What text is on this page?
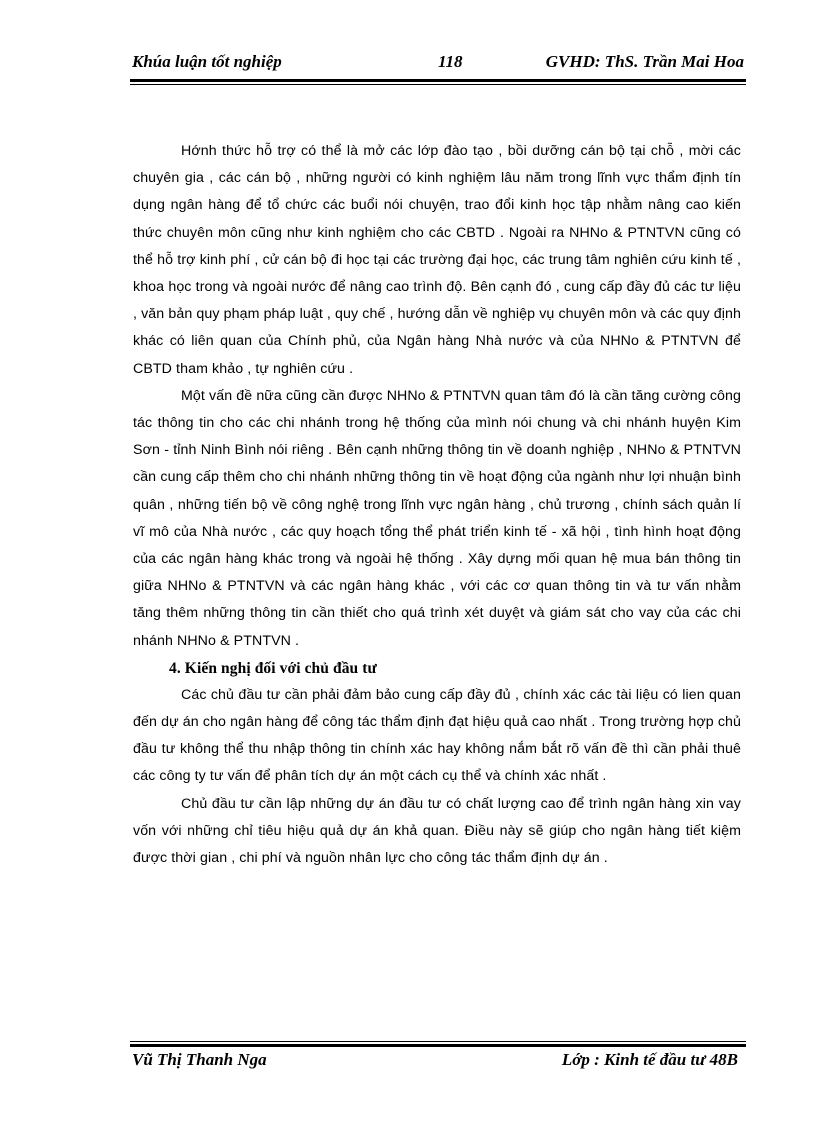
Khúa luận tốt nghiệp	118	GVHD: ThS. Trần Mai Hoa

Hớnh thức hỗ trợ có thể là mở các lớp đào tạo , bồi dưỡng cán bộ tại chỗ , mời các chuyên gia , các cán bộ , những người có kinh nghiệm lâu năm trong lĩnh vực thẩm định tín dụng ngân hàng để tổ chức các buổi nói chuyện, trao đổi kinh học tập nhằm nâng cao kiến thức chuyên môn cũng như kinh nghiệm cho các CBTD . Ngoài ra NHNo & PTNTVN cũng có thể hỗ trợ kinh phí , cử cán bộ đi học tại các trường đại học, các trung tâm nghiên cứu kinh tế , khoa học trong và ngoài nước để nâng cao trình độ. Bên cạnh đó , cung cấp đầy đủ các tư liệu , văn bản quy phạm pháp luật , quy chế , hướng dẫn về nghiệp vụ chuyên môn và các quy định khác có liên quan của Chính phủ, của Ngân hàng Nhà nước và của NHNo & PTNTVN để CBTD tham khảo , tự nghiên cứu .

Một vấn đề nữa cũng cần được NHNo & PTNTVN quan tâm đó là cần tăng cường công tác thông tin cho các chi nhánh trong hệ thống của mình nói chung và chi nhánh huyện Kim Sơn - tỉnh Ninh Bình nói riêng . Bên cạnh những thông tin về doanh nghiệp , NHNo & PTNTVN cần cung cấp thêm cho chi nhánh những thông tin về hoạt động của ngành như lợi nhuận bình quân , những tiến bộ về công nghệ trong lĩnh vực ngân hàng , chủ trương , chính sách quản lí vĩ mô của Nhà nước , các quy hoạch tổng thể phát triển kinh tế - xã hội , tình hình hoạt động của các ngân hàng khác trong và ngoài hệ thống . Xây dựng mối quan hệ mua bán thông tin giữa NHNo & PTNTVN và các ngân hàng khác , với các cơ quan thông tin và tư vấn nhằm tăng thêm những thông tin cần thiết cho quá trình xét duyệt và giám sát cho vay của các chi nhánh NHNo & PTNTVN .

4. Kiến nghị đối với chủ đầu tư

Các chủ đầu tư cần phải đảm bảo cung cấp đầy đủ , chính xác các tài liệu có lien quan đến dự án cho ngân hàng để công tác thẩm định đạt hiệu quả cao nhất . Trong trường hợp chủ đầu tư không thể thu nhập thông tin chính xác hay không nắm bắt rõ vấn đề thì cần phải thuê các công ty tư vấn để phân tích dự án một cách cụ thể và chính xác nhất .

Chủ đầu tư cần lập những dự án đầu tư có chất lượng cao để trình ngân hàng xin vay vốn với những chỉ tiêu hiệu quả dự án khả quan. Điều này sẽ giúp cho ngân hàng tiết kiệm được thời gian , chi phí và nguồn nhân lực cho công tác thẩm định dự án .

Vũ Thị Thanh Nga	Lớp : Kinh tế đầu tư 48B
